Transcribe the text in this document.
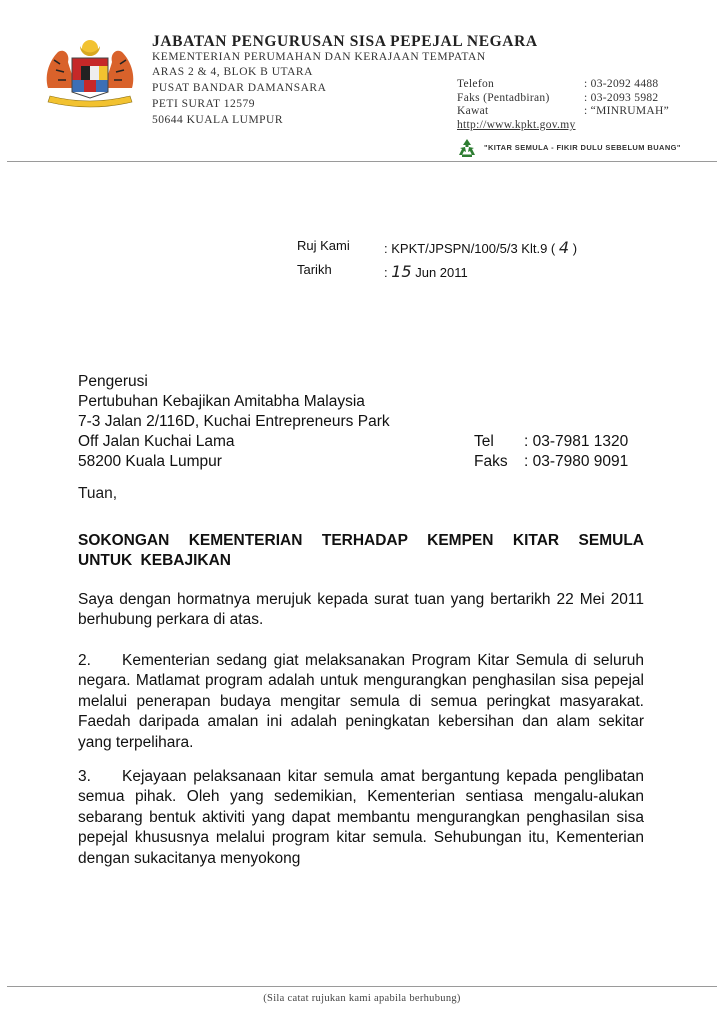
JABATAN PENGURUSAN SISA PEPEJAL NEGARA
KEMENTERIAN PERUMAHAN DAN KERAJAAN TEMPATAN
ARAS 2 & 4, BLOK B UTARA
PUSAT BANDAR DAMANSARA
PETI SURAT 12579
50644 KUALA LUMPUR
Telefon	: 03-2092 4488
Faks (Pentadbiran)	: 03-2093 5982
Kawat	: “MINRUMAH”
http://www.kpkt.gov.my
"KITAR SEMULA - FIKIR DULU SEBELUM BUANG"
Ruj Kami	: KPKT/JPSPN/100/5/3 Klt.9 ( 4 )
Tarikh	: 15 Jun 2011
Pengerusi
Pertubuhan Kebajikan Amitabha Malaysia
7-3 Jalan 2/116D, Kuchai Entrepreneurs Park
Off Jalan Kuchai Lama
58200 Kuala Lumpur
Tel : 03-7981 1320
Faks : 03-7980 9091
Tuan,
SOKONGAN KEMENTERIAN TERHADAP KEMPEN KITAR SEMULA UNTUK KEBAJIKAN
Saya dengan hormatnya merujuk kepada surat tuan yang bertarikh 22 Mei 2011 berhubung perkara di atas.
2. Kementerian sedang giat melaksanakan Program Kitar Semula di seluruh negara. Matlamat program adalah untuk mengurangkan penghasilan sisa pepejal melalui penerapan budaya mengitar semula di semua peringkat masyarakat. Faedah daripada amalan ini adalah peningkatan kebersihan dan alam sekitar yang terpelihara.
3. Kejayaan pelaksanaan kitar semula amat bergantung kepada penglibatan semua pihak. Oleh yang sedemikian, Kementerian sentiasa mengalu-alukan sebarang bentuk aktiviti yang dapat membantu mengurangkan penghasilan sisa pepejal khususnya melalui program kitar semula. Sehubungan itu, Kementerian dengan sukacitanya menyokong
(Sila catat rujukan kami apabila berhubung)
